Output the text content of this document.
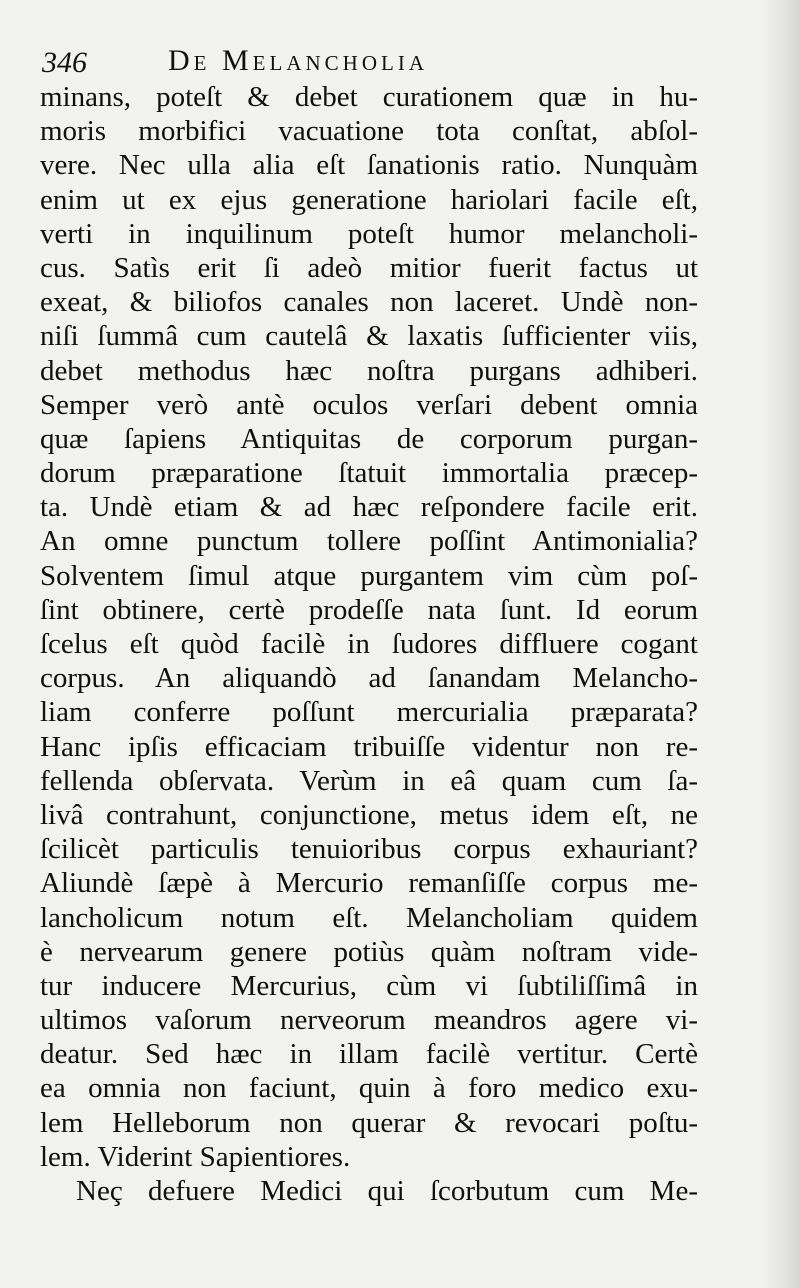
346	De Melancholia
minans, poteſt & debet curationem quæ in hu-
moris morbifici vacuatione tota conſtat, abſol-
vere. Nec ulla alia eſt ſanationis ratio. Nunquàm
enim ut ex ejus generatione hariolari facile eſt,
verti in inquilinum poteſt humor melancholi-
cus. Satìs erit ſi adeò mitior fuerit factus ut
exeat, & biliofos canales non laceret. Undè non-
niſi ſummâ cum cautelâ & laxatis ſufficienter viis,
debet methodus hæc noſtra purgans adhiberi.
Semper verò antè oculos verſari debent omnia
quæ ſapiens Antiquitas de corporum purgan-
dorum præparatione ſtatuit immortalia præcep-
ta. Undè etiam & ad hæc reſpondere facile erit.
An omne punctum tollere poſſint Antimonialia?
Solventem ſimul atque purgantem vim cùm poſ-
ſint obtinere, certè prodeſſe nata ſunt. Id eorum
ſcelus eſt quòd facilè in ſudores diffluere cogant
corpus. An aliquandò ad ſanandam Melancho-
liam conferre poſſunt mercurialia præparata?
Hanc ipſis efficaciam tribuiſſe videntur non re-
fellenda obſervata. Verùm in eâ quam cum ſa-
livâ contrahunt, conjunctione, metus idem eſt, ne
ſcilicèt particulis tenuioribus corpus exhauriant?
Aliundè ſæpè à Mercurio remanſiſſe corpus me-
lancholicum notum eſt. Melancholiam quidem
è nervearum genere potiùs quàm noſtram vide-
tur inducere Mercurius, cùm vi ſubtiliſſimâ in
ultimos vaſorum nerveorum meandros agere vi-
deatur. Sed hæc in illam facilè vertitur. Certè
ea omnia non faciunt, quin à foro medico exu-
lem Helleborum non querar & revocari poſtu-
lem. Viderint Sapientiores.
Neç defuere Medici qui ſcorbutum cum Me-
